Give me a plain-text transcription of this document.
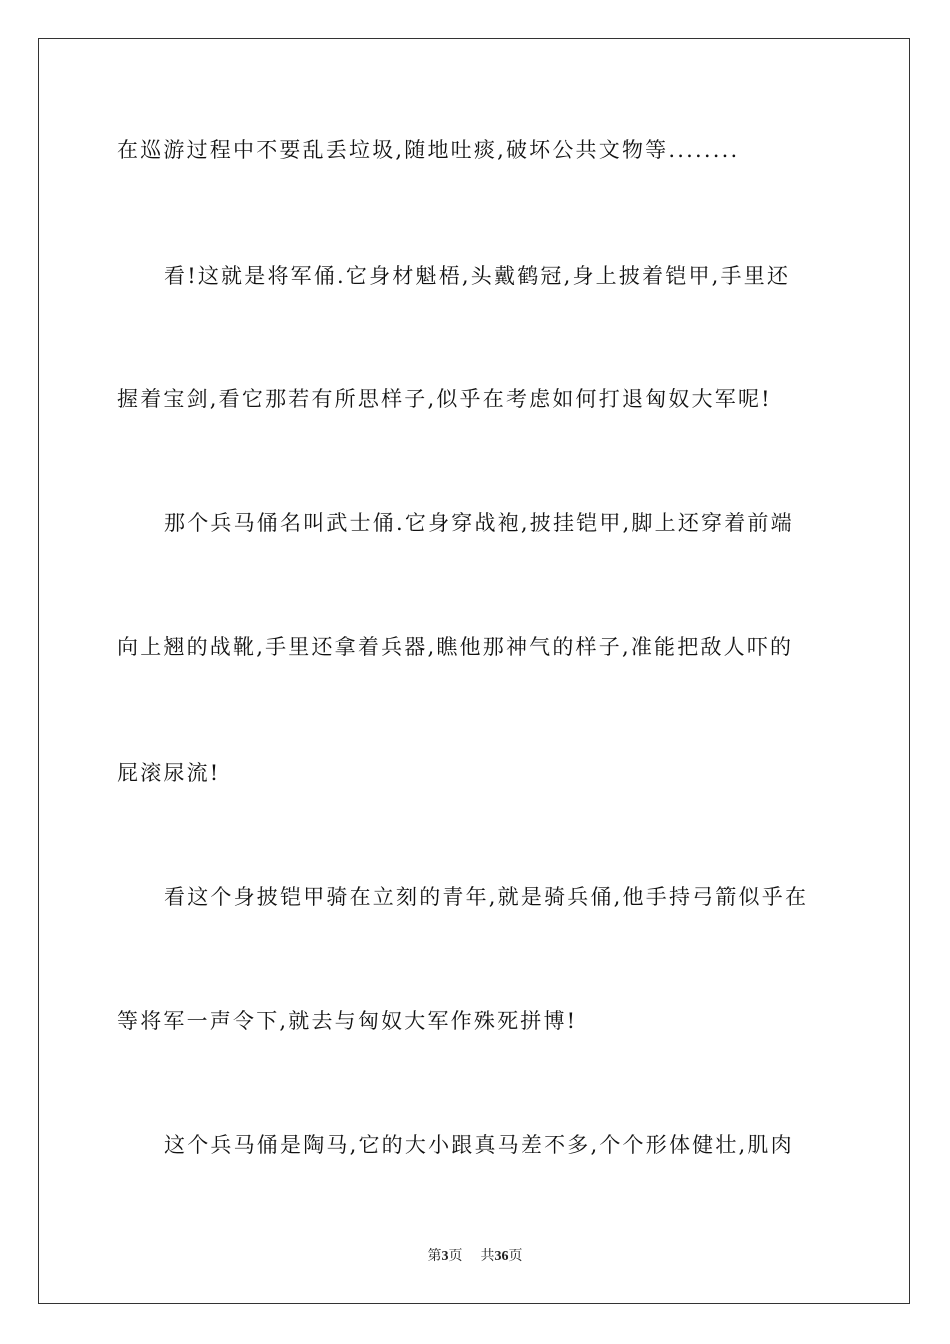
在巡游过程中不要乱丢垃圾,随地吐痰,破坏公共文物等........
看!这就是将军俑.它身材魁梧,头戴鹤冠,身上披着铠甲,手里还
握着宝剑,看它那若有所思样子,似乎在考虑如何打退匈奴大军呢!
那个兵马俑名叫武士俑.它身穿战袍,披挂铠甲,脚上还穿着前端
向上翘的战靴,手里还拿着兵器,瞧他那神气的样子,准能把敌人吓的
屁滚尿流!
看这个身披铠甲骑在立刻的青年,就是骑兵俑,他手持弓箭似乎在
等将军一声令下,就去与匈奴大军作殊死拼博!
这个兵马俑是陶马,它的大小跟真马差不多,个个形体健壮,肌肉
第3页 共36页
